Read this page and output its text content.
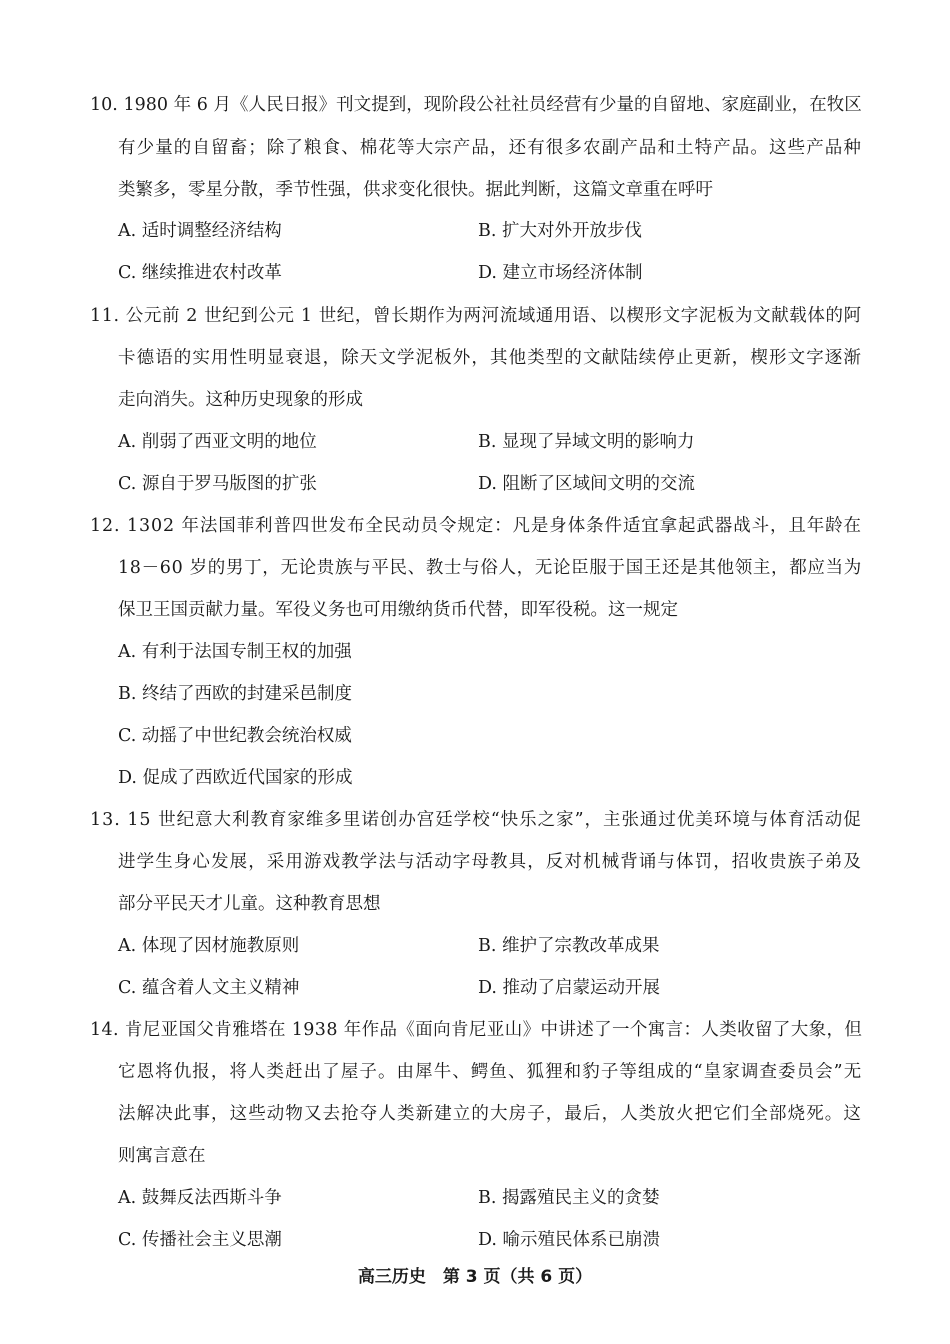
10. 1980 年 6 月《人民日报》刊文提到，现阶段公社社员经营有少量的自留地、家庭副业，在牧区
有少量的自留畜；除了粮食、棉花等大宗产品，还有很多农副产品和土特产品。这些产品种
类繁多，零星分散，季节性强，供求变化很快。据此判断，这篇文章重在呼吁
A. 适时调整经济结构	B. 扩大对外开放步伐
C. 继续推进农村改革	D. 建立市场经济体制
11. 公元前 2 世纪到公元 1 世纪，曾长期作为两河流域通用语、以楔形文字泥板为文献载体的阿
卡德语的实用性明显衰退，除天文学泥板外，其他类型的文献陆续停止更新，楔形文字逐渐
走向消失。这种历史现象的形成
A. 削弱了西亚文明的地位	B. 显现了异域文明的影响力
C. 源自于罗马版图的扩张	D. 阻断了区域间文明的交流
12. 1302 年法国菲利普四世发布全民动员令规定：凡是身体条件适宜拿起武器战斗，且年龄在
18－60 岁的男丁，无论贵族与平民、教士与俗人，无论臣服于国王还是其他领主，都应当为
保卫王国贡献力量。军役义务也可用缴纳货币代替，即军役税。这一规定
A. 有利于法国专制王权的加强
B. 终结了西欧的封建采邑制度
C. 动摇了中世纪教会统治权威
D. 促成了西欧近代国家的形成
13. 15 世纪意大利教育家维多里诺创办宫廷学校“快乐之家”，主张通过优美环境与体育活动促
进学生身心发展，采用游戏教学法与活动字母教具，反对机械背诵与体罚，招收贵族子弟及
部分平民天才儿童。这种教育思想
A. 体现了因材施教原则	B. 维护了宗教改革成果
C. 蕴含着人文主义精神	D. 推动了启蒙运动开展
14. 肯尼亚国父肯雅塔在 1938 年作品《面向肯尼亚山》中讲述了一个寓言：人类收留了大象，但
它恩将仇报，将人类赶出了屋子。由犀牛、鳄鱼、狐狸和豹子等组成的“皇家调查委员会”无
法解决此事，这些动物又去抢夺人类新建立的大房子，最后，人类放火把它们全部烧死。这
则寓言意在
A. 鼓舞反法西斯斗争	B. 揭露殖民主义的贪婪
C. 传播社会主义思潮	D. 喻示殖民体系已崩溃
高三历史　第 3 页（共 6 页）
